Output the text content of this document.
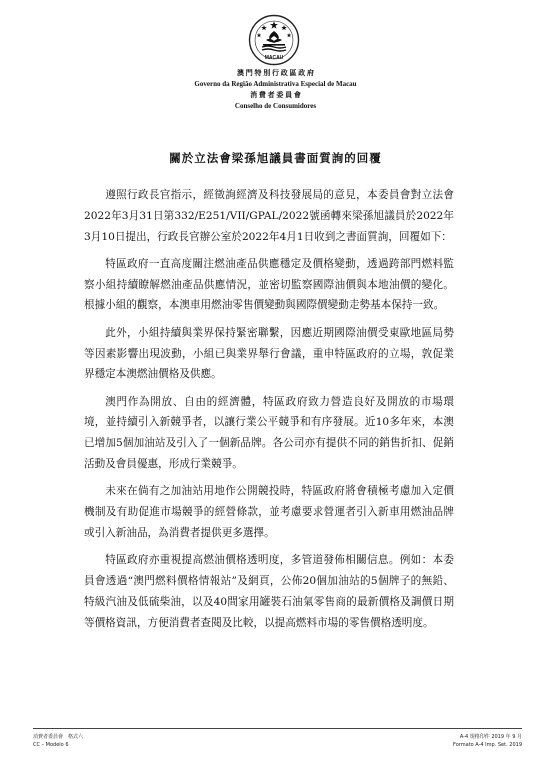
MACAU
澳 門 特 別 行 政 區 政 府
Governo da Região Administrativa Especial de Macau
消 費 者 委 員 會
Conselho de Consumidores
關於立法會梁孫旭議員書面質詢的回覆

遵照行政長官指示，經徵詢經濟及科技發展局的意見，本委員會對立法會2022年3月31日第332/E251/VII/GPAL/2022號函轉來梁孫旭議員於2022年3月10日提出，行政長官辦公室於2022年4月1日收到之書面質詢，回覆如下：

特區政府一直高度關注燃油產品供應穩定及價格變動，透過跨部門燃料監察小組持續瞭解燃油產品供應情況，並密切監察國際油價與本地油價的變化。根據小組的觀察，本澳車用燃油零售價變動與國際價變動走勢基本保持一致。

此外，小組持續與業界保持緊密聯繫，因應近期國際油價受東歐地區局勢等因素影響出現波動，小組已與業界舉行會議，重申特區政府的立場，敦促業界穩定本澳燃油價格及供應。

澳門作為開放、自由的經濟體，特區政府致力營造良好及開放的市場環境，並持續引入新競爭者，以讓行業公平競爭和有序發展。近10多年來，本澳已增加5個加油站及引入了一個新品牌。各公司亦有提供不同的銷售折扣、促銷活動及會員優惠，形成行業競爭。

未來在倘有之加油站用地作公開競投時，特區政府將會積極考慮加入定價機制及有助促進市場競爭的經營條款，並考慮要求營運者引入新車用燃油品牌或引入新油品，為消費者提供更多選擇。

特區政府亦重視提高燃油價格透明度，多管道發佈相關信息。例如：本委員會透過“澳門燃料價格情報站”及網頁，公佈20個加油站的5個牌子的無鉛、特級汽油及低硫柴油，以及40間家用罐裝石油氣零售商的最新價格及調價日期等價格資訊，方便消費者查閱及比較，以提高燃料市場的零售價格透明度。

消費者委員會　格式六
CC – Modelo 6
A-4 規格印件 2019 年 9 月
Formato A-4 Imp. Set. 2019
